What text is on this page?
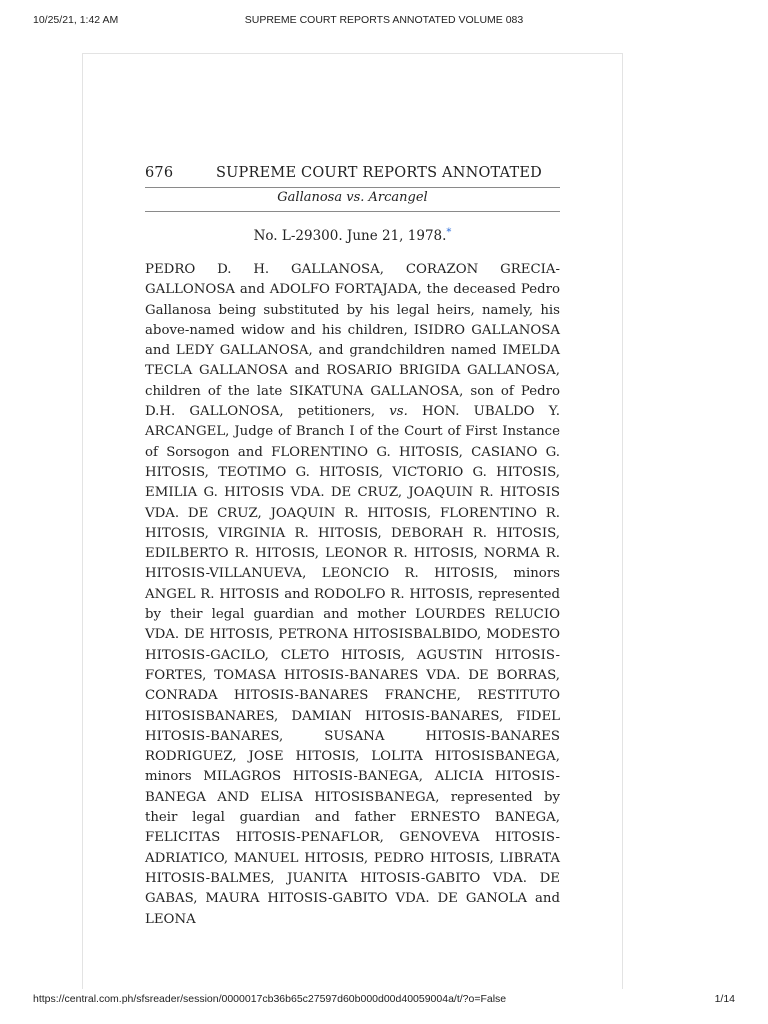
10/25/21, 1:42 AM	SUPREME COURT REPORTS ANNOTATED VOLUME 083
676	SUPREME COURT REPORTS ANNOTATED
Gallanosa vs. Arcangel
No. L-29300. June 21, 1978.*

PEDRO D. H. GALLANOSA, CORAZON GRECIA-GALLONOSA and ADOLFO FORTAJADA, the deceased Pedro Gallanosa being substituted by his legal heirs, namely, his above-named widow and his children, ISIDRO GALLANOSA and LEDY GALLANOSA, and grandchildren named IMELDA TECLA GALLANOSA and ROSARIO BRIGIDA GALLANOSA, children of the late SIKATUNA GALLANOSA, son of Pedro D.H. GALLONOSA, petitioners, vs. HON. UBALDO Y. ARCANGEL, Judge of Branch I of the Court of First Instance of Sorsogon and FLORENTINO G. HITOSIS, CASIANO G. HITOSIS, TEOTIMO G. HITOSIS, VICTORIO G. HITOSIS, EMILIA G. HITOSIS VDA. DE CRUZ, JOAQUIN R. HITOSIS VDA. DE CRUZ, JOAQUIN R. HITOSIS, FLORENTINO R. HITOSIS, VIRGINIA R. HITOSIS, DEBORAH R. HITOSIS, EDILBERTO R. HITOSIS, LEONOR R. HITOSIS, NORMA R. HITOSIS-VILLANUEVA, LEONCIO R. HITOSIS, minors ANGEL R. HITOSIS and RODOLFO R. HITOSIS, represented by their legal guardian and mother LOURDES RELUCIO VDA. DE HITOSIS, PETRONA HITOSISBALBIDO, MODESTO HITOSIS-GACILO, CLETO HITOSIS, AGUSTIN HITOSIS-FORTES, TOMASA HITOSIS-BANARES VDA. DE BORRAS, CONRADA HITOSIS-BANARES FRANCHE, RESTITUTO HITOSISBANARES, DAMIAN HITOSIS-BANARES, FIDEL HITOSIS-BANARES, SUSANA HITOSIS-BANARES RODRIGUEZ, JOSE HITOSIS, LOLITA HITOSISBANEGA, minors MILAGROS HITOSIS-BANEGA, ALICIA HITOSIS-BANEGA AND ELISA HITOSISBANEGA, represented by their legal guardian and father ERNESTO BANEGA, FELICITAS HITOSIS-PENAFLOR, GENOVEVA HITOSIS-ADRIATICO, MANUEL HITOSIS, PEDRO HITOSIS, LIBRATA HITOSIS-BALMES, JUANITA HITOSIS-GABITO VDA. DE GABAS, MAURA HITOSIS-GABITO VDA. DE GANOLA and LEONA

https://central.com.ph/sfsreader/session/0000017cb36b65c27597d60b000d00d40059004a/t/?o=False	1/14
